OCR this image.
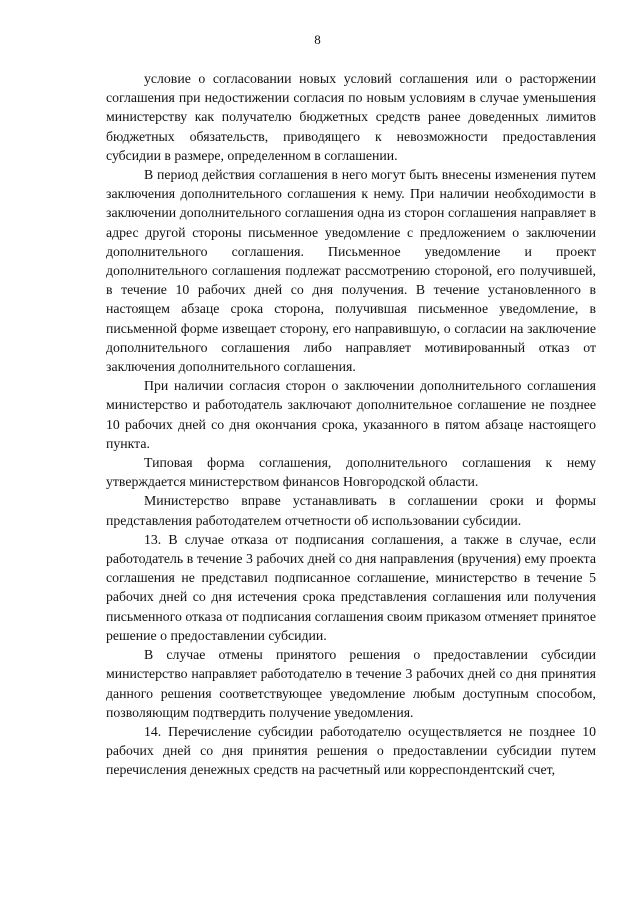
8

условие о согласовании новых условий соглашения или о расторжении соглашения при недостижении согласия по новым условиям в случае уменьшения министерству как получателю бюджетных средств ранее доведенных лимитов бюджетных обязательств, приводящего к невозможности предоставления субсидии в размере, определенном в соглашении.

В период действия соглашения в него могут быть внесены изменения путем заключения дополнительного соглашения к нему. При наличии необходимости в заключении дополнительного соглашения одна из сторон соглашения направляет в адрес другой стороны письменное уведомление с предложением о заключении дополнительного соглашения. Письменное уведомление и проект дополнительного соглашения подлежат рассмотрению стороной, его получившей, в течение 10 рабочих дней со дня получения. В течение установленного в настоящем абзаце срока сторона, получившая письменное уведомление, в письменной форме извещает сторону, его направившую, о согласии на заключение дополнительного соглашения либо направляет мотивированный отказ от заключения дополнительного соглашения.

При наличии согласия сторон о заключении дополнительного соглашения министерство и работодатель заключают дополнительное соглашение не позднее 10 рабочих дней со дня окончания срока, указанного в пятом абзаце настоящего пункта.

Типовая форма соглашения, дополнительного соглашения к нему утверждается министерством финансов Новгородской области.

Министерство вправе устанавливать в соглашении сроки и формы представления работодателем отчетности об использовании субсидии.

13. В случае отказа от подписания соглашения, а также в случае, если работодатель в течение 3 рабочих дней со дня направления (вручения) ему проекта соглашения не представил подписанное соглашение, министерство в течение 5 рабочих дней со дня истечения срока представления соглашения или получения письменного отказа от подписания соглашения своим приказом отменяет принятое решение о предоставлении субсидии.

В случае отмены принятого решения о предоставлении субсидии министерство направляет работодателю в течение 3 рабочих дней со дня принятия данного решения соответствующее уведомление любым доступным способом, позволяющим подтвердить получение уведомления.

14. Перечисление субсидии работодателю осуществляется не позднее 10 рабочих дней со дня принятия решения о предоставлении субсидии путем перечисления денежных средств на расчетный или корреспондентский счет,
